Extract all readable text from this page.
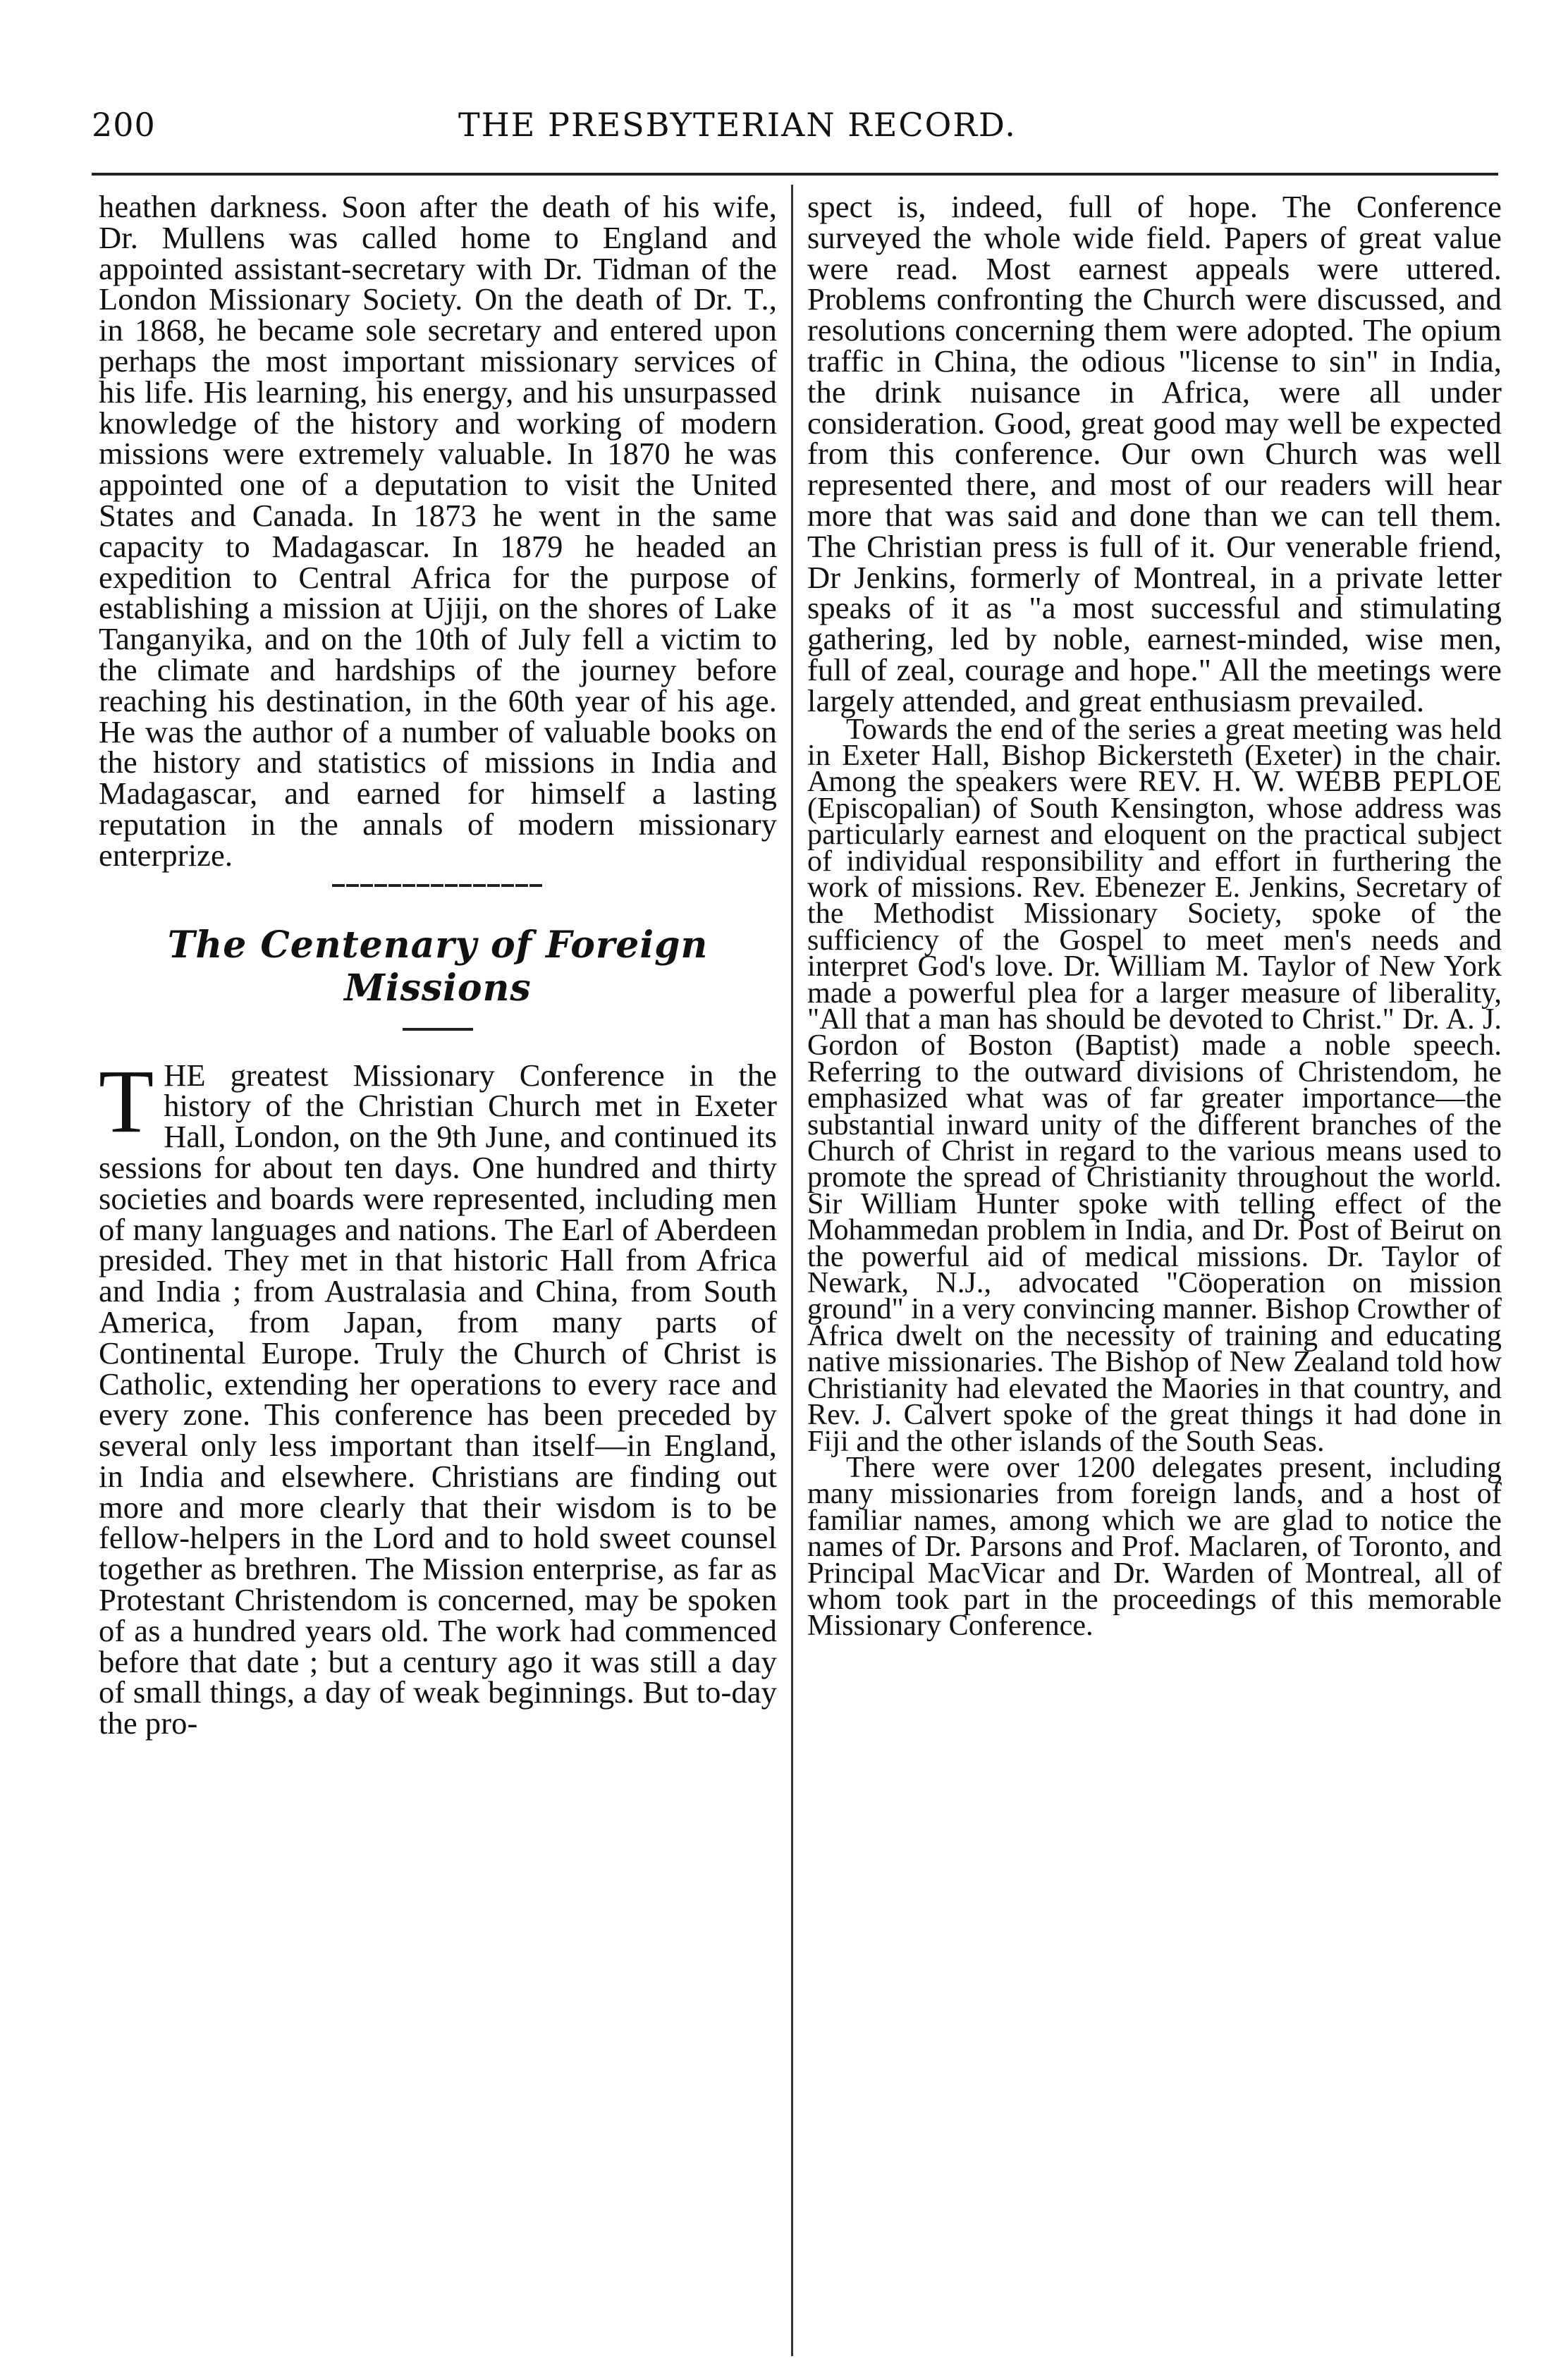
200	THE PRESBYTERIAN RECORD.

heathen darkness. Soon after the death of his wife, Dr. Mullens was called home to England and appointed assistant-secretary with Dr. Tidman of the London Missionary Society. On the death of Dr. T., in 1868, he became sole secretary and entered upon perhaps the most important missionary services of his life. His learning, his energy, and his unsurpassed knowledge of the history and working of modern missions were extremely valuable. In 1870 he was appointed one of a deputation to visit the United States and Canada. In 1873 he went in the same capacity to Madagascar. In 1879 he headed an expedition to Central Africa for the purpose of establishing a mission at Ujiji, on the shores of Lake Tanganyika, and on the 10th of July fell a victim to the climate and hardships of the journey before reaching his destination, in the 60th year of his age. He was the author of a number of valuable books on the history and statistics of missions in India and Madagascar, and earned for himself a lasting reputation in the annals of modern missionary enterprize.

The Centenary of Foreign Missions
T HE greatest Missionary Conference in the history of the Christian Church met in Exeter Hall, London, on the 9th June, and continued its sessions for about ten days. One hundred and thirty societies and boards were represented, including men of many languages and nations. The Earl of Aberdeen presided. They met in that historic Hall from Africa and India ; from Australasia and China, from South America, from Japan, from many parts of Continental Europe. Truly the Church of Christ is Catholic, extending her operations to every race and every zone. This conference has been preceded by several only less important than itself—in England, in India and elsewhere. Christians are finding out more and more clearly that their wisdom is to be fellow-helpers in the Lord and to hold sweet counsel together as brethren. The Mission enterprise, as far as Protestant Christendom is concerned, may be spoken of as a hundred years old. The work had commenced before that date ; but a century ago it was still a day of small things, a day of weak beginnings. But to-day the pro-

spect is, indeed, full of hope. The Conference surveyed the whole wide field. Papers of great value were read. Most earnest appeals were uttered. Problems confronting the Church were discussed, and resolutions concerning them were adopted. The opium traffic in China, the odious "license to sin" in India, the drink nuisance in Africa, were all under consideration. Good, great good may well be expected from this conference. Our own Church was well represented there, and most of our readers will hear more that was said and done than we can tell them. The Christian press is full of it. Our venerable friend, Dr Jenkins, formerly of Montreal, in a private letter speaks of it as "a most successful and stimulating gathering, led by noble, earnest-minded, wise men, full of zeal, courage and hope." All the meetings were largely attended, and great enthusiasm prevailed.

Towards the end of the series a great meeting was held in Exeter Hall, Bishop Bickersteth (Exeter) in the chair. Among the speakers were REV. H. W. WEBB PEPLOE (Episcopalian) of South Kensington, whose address was particularly earnest and eloquent on the practical subject of individual responsibility and effort in furthering the work of missions. Rev. Ebenezer E. Jenkins, Secretary of the Methodist Missionary Society, spoke of the sufficiency of the Gospel to meet men's needs and interpret God's love. Dr. William M. Taylor of New York made a powerful plea for a larger measure of liberality, "All that a man has should be devoted to Christ." Dr. A. J. Gordon of Boston (Baptist) made a noble speech. Referring to the outward divisions of Christendom, he emphasized what was of far greater importance—the substantial inward unity of the different branches of the Church of Christ in regard to the various means used to promote the spread of Christianity throughout the world. Sir William Hunter spoke with telling effect of the Mohammedan problem in India, and Dr. Post of Beirut on the powerful aid of medical missions. Dr. Taylor of Newark, N.J., advocated "Cöoperation on mission ground" in a very convincing manner. Bishop Crowther of Africa dwelt on the necessity of training and educating native missionaries. The Bishop of New Zealand told how Christianity had elevated the Maories in that country, and Rev. J. Calvert spoke of the great things it had done in Fiji and the other islands of the South Seas.

There were over 1200 delegates present, including many missionaries from foreign lands, and a host of familiar names, among which we are glad to notice the names of Dr. Parsons and Prof. Maclaren, of Toronto, and Principal MacVicar and Dr. Warden of Montreal, all of whom took part in the proceedings of this memorable Missionary Conference.
